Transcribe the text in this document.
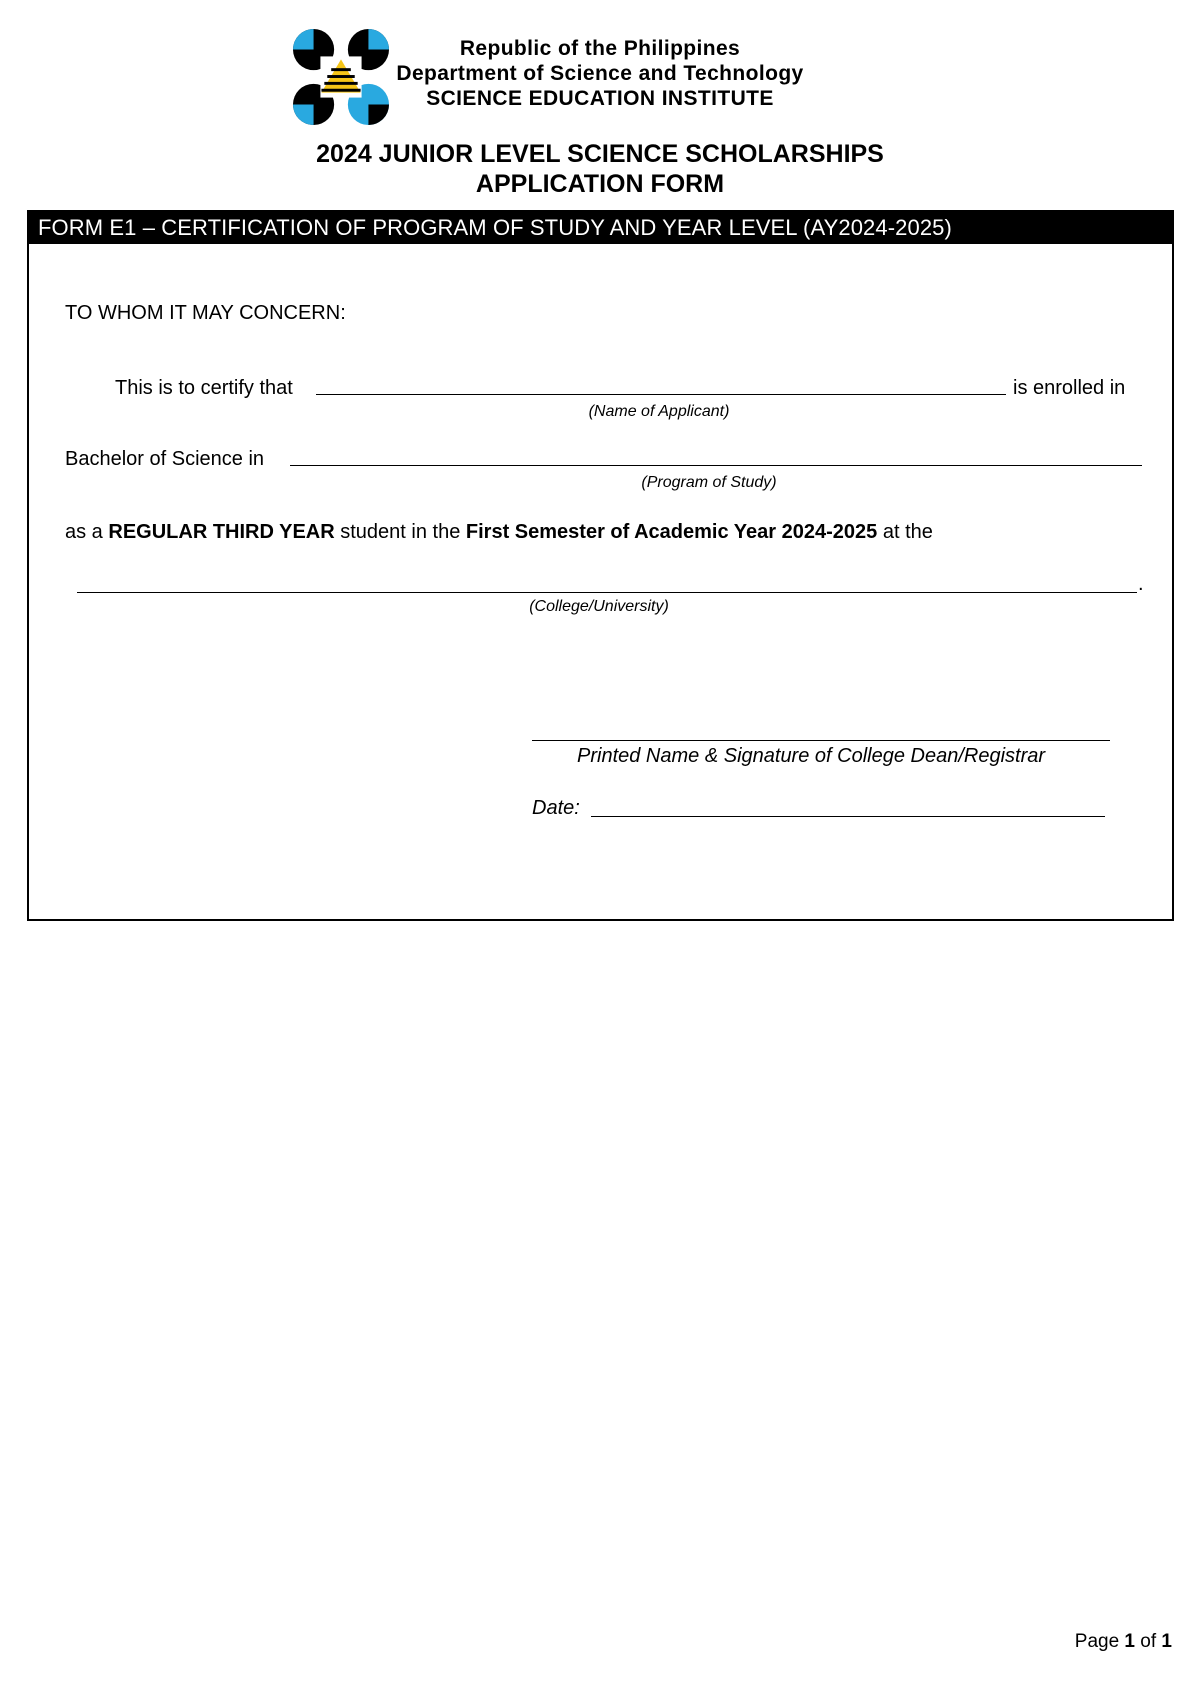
Republic of the Philippines
Department of Science and Technology
SCIENCE EDUCATION INSTITUTE
2024 JUNIOR LEVEL SCIENCE SCHOLARSHIPS
APPLICATION FORM
FORM E1 – CERTIFICATION OF PROGRAM OF STUDY AND YEAR LEVEL (AY2024-2025)
TO WHOM IT MAY CONCERN:
This is to certify that	is enrolled in
(Name of Applicant)
Bachelor of Science in
(Program of Study)
as a REGULAR THIRD YEAR student in the First Semester of Academic Year 2024-2025 at the
.
(College/University)
Printed Name & Signature of College Dean/Registrar
Date:
Page 1 of 1
